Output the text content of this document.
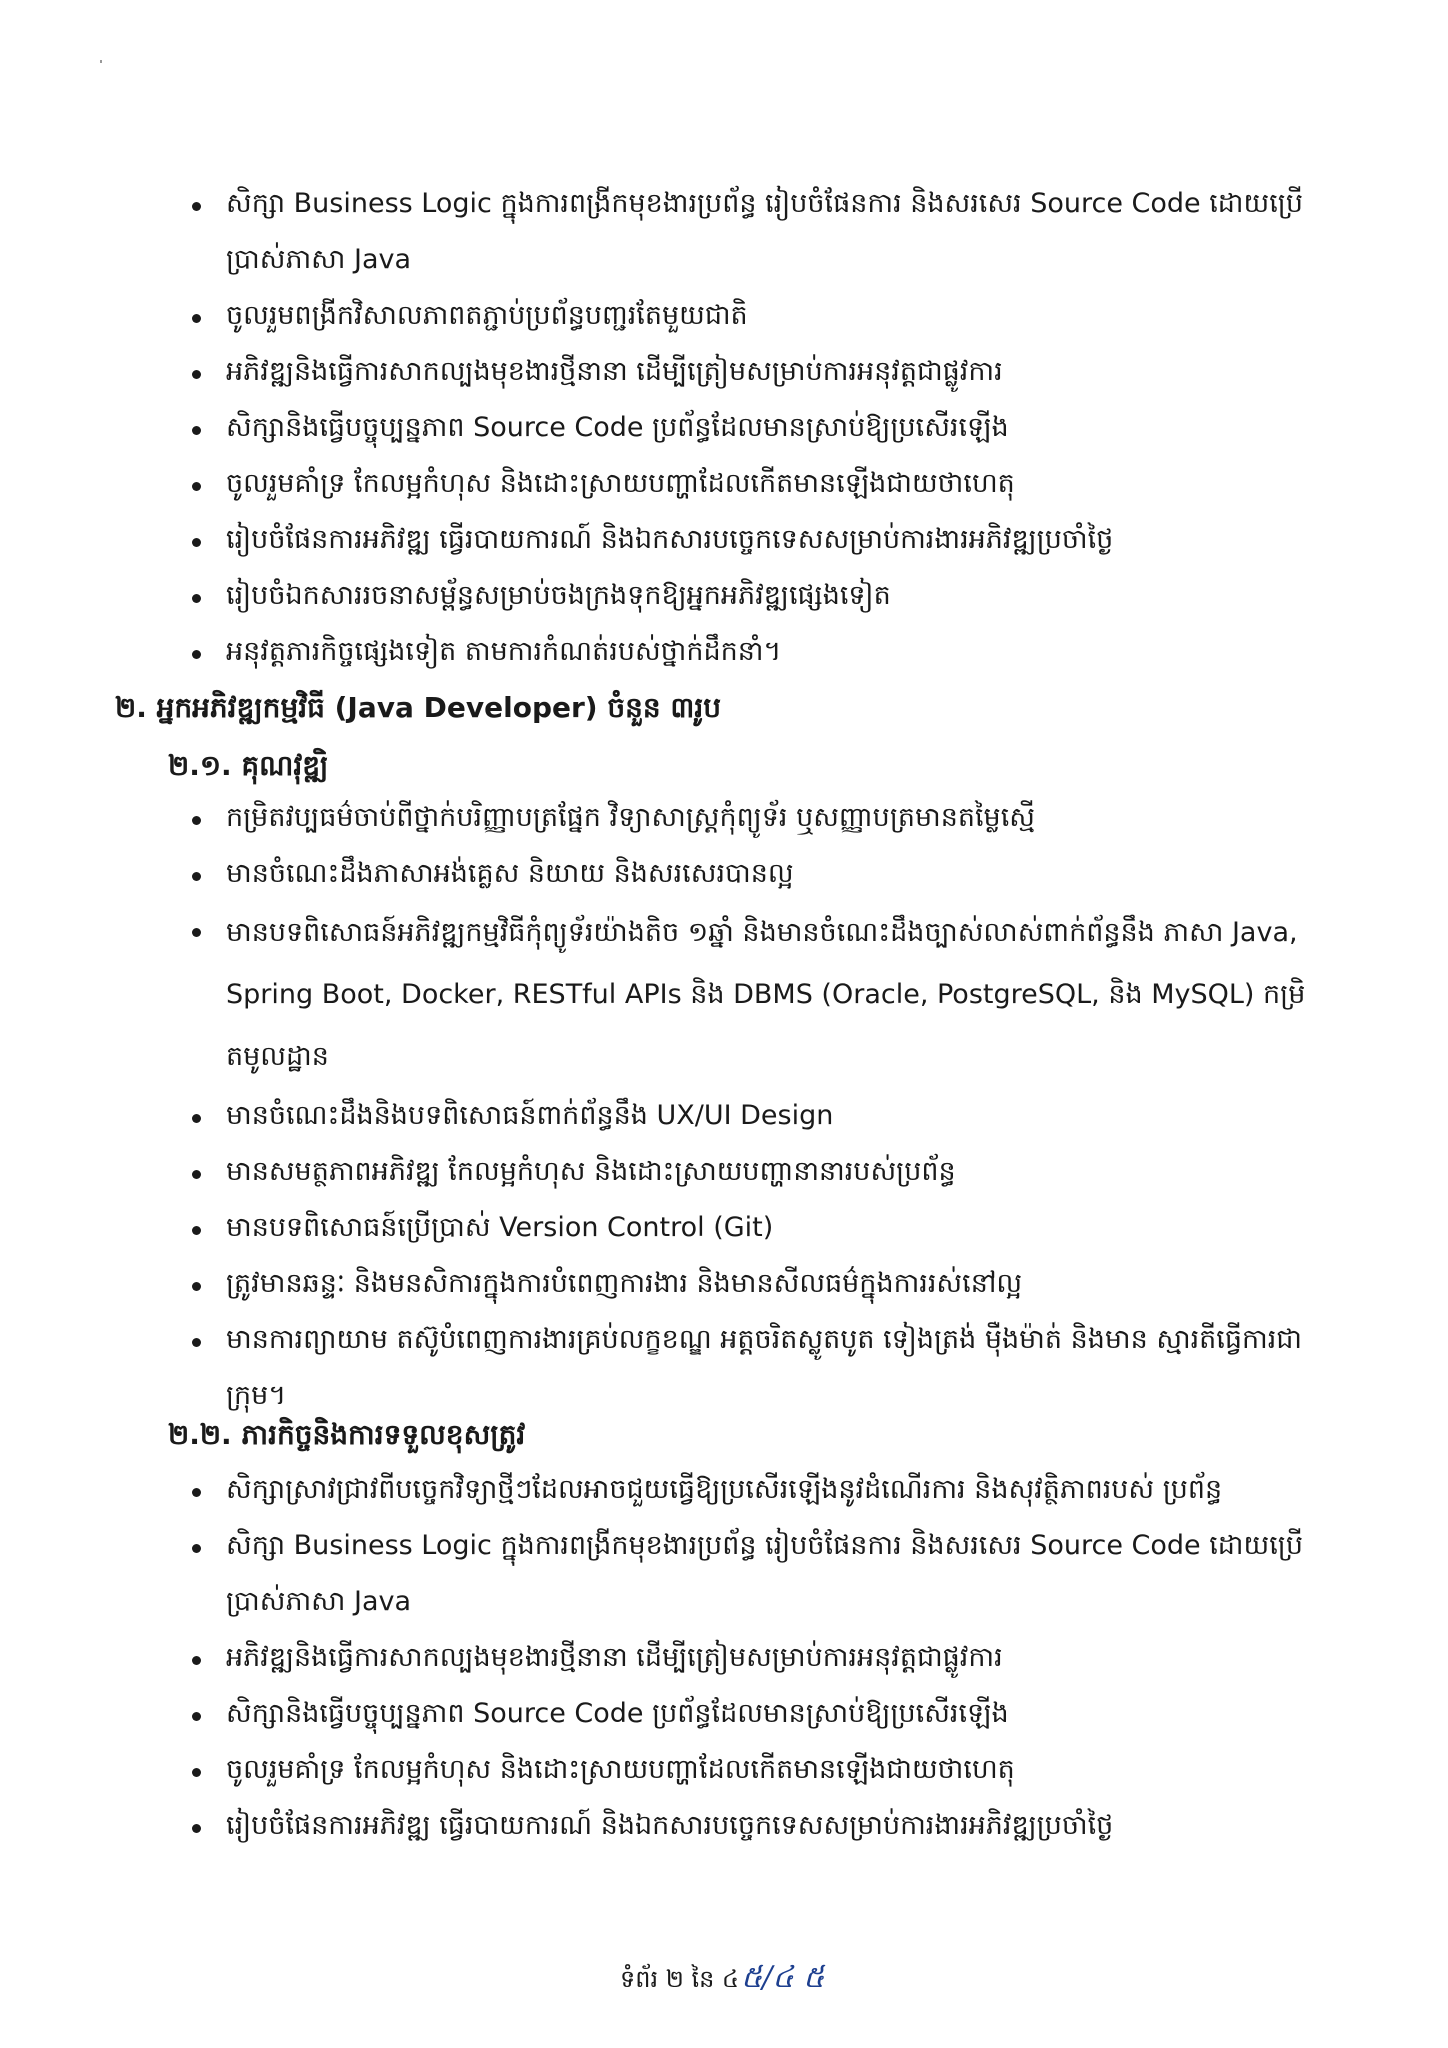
សិក្សា Business Logic ក្នុងការពង្រីកមុខងារប្រព័ន្ធ រៀបចំផែនការ និងសរសេរ Source Code ដោយប្រើប្រាស់ភាសា Java
ចូលរួមពង្រីកវិសាលភាពតភ្ជាប់ប្រព័ន្ធបញ្ជរតែមួយជាតិ
អភិវឌ្ឍនិងធ្វើការសាកល្បងមុខងារថ្មីនានា ដើម្បីត្រៀមសម្រាប់ការអនុវត្តជាផ្លូវការ
សិក្សានិងធ្វើបច្ចុប្បន្នភាព Source Code ប្រព័ន្ធដែលមានស្រាប់ឱ្យប្រសើរឡើង
ចូលរួមគាំទ្រ កែលម្អកំហុស និងដោះស្រាយបញ្ហាដែលកើតមានឡើងជាយថាហេតុ
រៀបចំផែនការអភិវឌ្ឍ ធ្វើរបាយការណ៍ និងឯកសារបច្ចេកទេសសម្រាប់ការងារអភិវឌ្ឍប្រចាំថ្ងៃ
រៀបចំឯកសាររចនាសម្ព័ន្ធសម្រាប់ចងក្រងទុកឱ្យអ្នកអភិវឌ្ឍផ្សេងទៀត
អនុវត្តភារកិច្ចផ្សេងទៀត តាមការកំណត់របស់ថ្នាក់ដឹកនាំ។
២. អ្នកអភិវឌ្ឍកម្មវិធី (Java Developer) ចំនួន ៣រូប
២.១. គុណវុឌ្ឍិ
កម្រិតវប្បធម៌ចាប់ពីថ្នាក់បរិញ្ញាបត្រផ្នែក វិទ្យាសាស្ត្រកុំព្យូទ័រ ឬសញ្ញាបត្រមានតម្លៃស្មើ
មានចំណេះដឹងភាសាអង់គ្លេស និយាយ និងសរសេរបានល្អ
មានបទពិសោធន៍អភិវឌ្ឍកម្មវិធីកុំព្យូទ័រយ៉ាងតិច ១ឆ្នាំ និងមានចំណេះដឹងច្បាស់លាស់ពាក់ព័ន្ធនឹង ភាសា Java, Spring Boot, Docker, RESTful APIs និង DBMS (Oracle, PostgreSQL, និង MySQL) កម្រិតមូលដ្ឋាន
មានចំណេះដឹងនិងបទពិសោធន៍ពាក់ព័ន្ធនឹង UX/UI Design
មានសមត្ថភាពអភិវឌ្ឍ កែលម្អកំហុស និងដោះស្រាយបញ្ហានានារបស់ប្រព័ន្ធ
មានបទពិសោធន៍ប្រើប្រាស់ Version Control (Git)
ត្រូវមានឆន្ទៈ និងមនសិការក្នុងការបំពេញការងារ និងមានសីលធម៌ក្នុងការរស់នៅល្អ
មានការព្យាយាម តស៊ូបំពេញការងារគ្រប់លក្ខខណ្ឌ អត្តចរិតស្លូតបូត ទៀងត្រង់ ម៉ឺងម៉ាត់ និងមាន ស្មារតីធ្វើការជាក្រុម។
២.២. ភារកិច្ចនិងការទទួលខុសត្រូវ
សិក្សាស្រាវជ្រាវពីបច្ចេកវិទ្យាថ្មីៗដែលអាចជួយធ្វើឱ្យប្រសើរឡើងនូវដំណើរការ និងសុវត្ថិភាពរបស់ ប្រព័ន្ធ
សិក្សា Business Logic ក្នុងការពង្រីកមុខងារប្រព័ន្ធ រៀបចំផែនការ និងសរសេរ Source Code ដោយប្រើប្រាស់ភាសា Java
អភិវឌ្ឍនិងធ្វើការសាកល្បងមុខងារថ្មីនានា ដើម្បីត្រៀមសម្រាប់ការអនុវត្តជាផ្លូវការ
សិក្សានិងធ្វើបច្ចុប្បន្នភាព Source Code ប្រព័ន្ធដែលមានស្រាប់ឱ្យប្រសើរឡើង
ចូលរួមគាំទ្រ កែលម្អកំហុស និងដោះស្រាយបញ្ហាដែលកើតមានឡើងជាយថាហេតុ
រៀបចំផែនការអភិវឌ្ឍ ធ្វើរបាយការណ៍ និងឯកសារបច្ចេកទេសសម្រាប់ការងារអភិវឌ្ឍប្រចាំថ្ងៃ
ទំព័រ ២ នៃ ៤៥/៤ ៥
